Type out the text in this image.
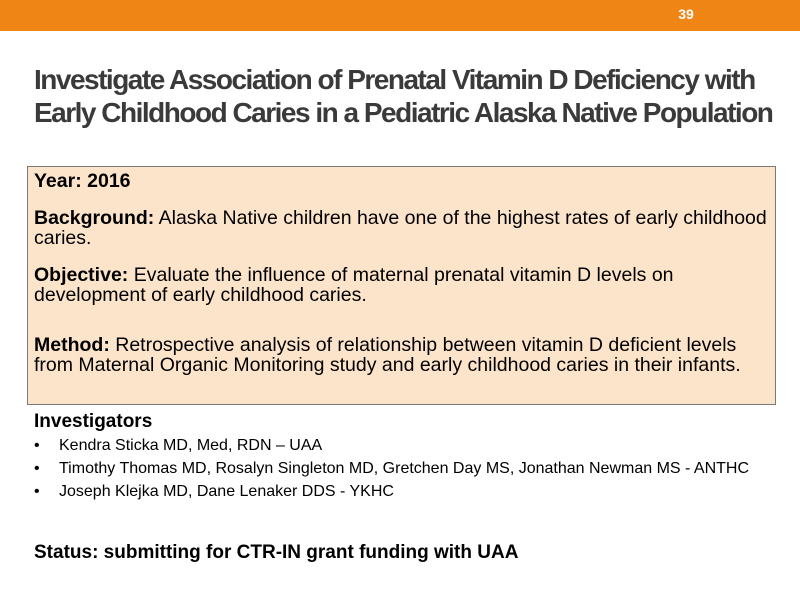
39
Investigate Association of Prenatal Vitamin D Deficiency with
Early Childhood Caries in a Pediatric Alaska Native Population

Year: 2016

Background: Alaska Native children have one of the highest rates of early childhood caries.

Objective: Evaluate the influence of maternal prenatal vitamin D levels on development of early childhood caries.

Method: Retrospective analysis of relationship between vitamin D deficient levels from Maternal Organic Monitoring study and early childhood caries in their infants.

Investigators

• Kendra Sticka MD, Med, RDN – UAA
• Timothy Thomas MD, Rosalyn Singleton MD, Gretchen Day MS, Jonathan Newman MS - ANTHC
• Joseph Klejka MD, Dane Lenaker DDS - YKHC

Status: submitting for CTR-IN grant funding with UAA
